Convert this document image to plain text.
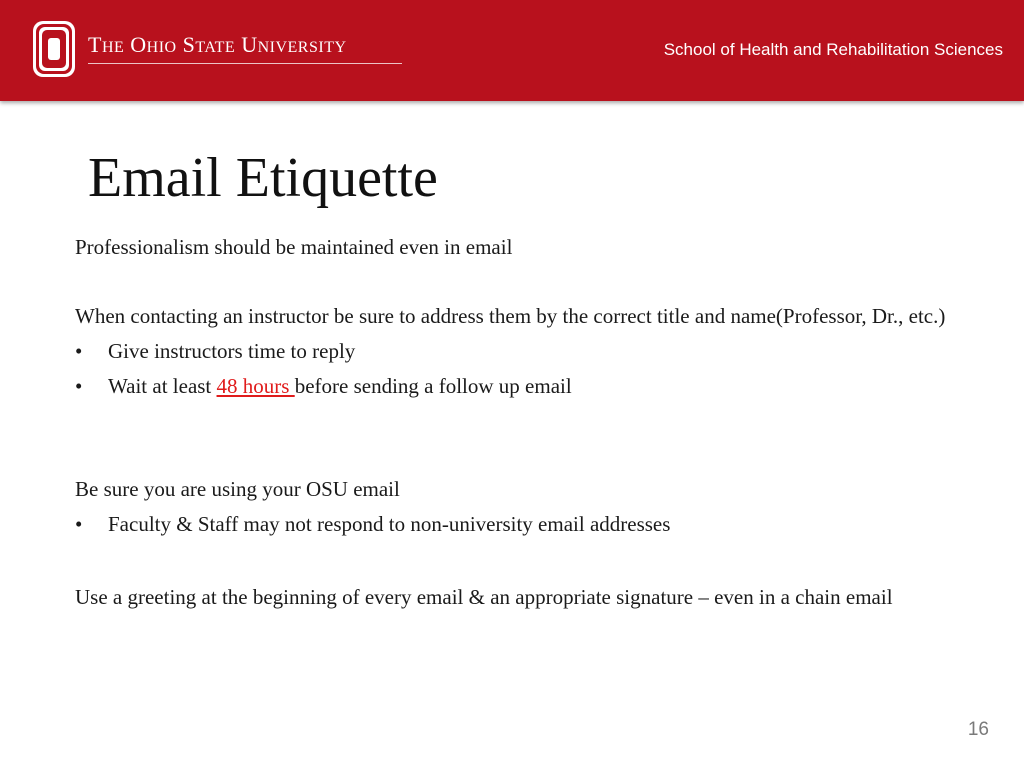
THE OHIO STATE UNIVERSITY	School of Health and Rehabilitation Sciences
Email Etiquette

Professionalism should be maintained even in email

When contacting an instructor be sure to address them by the correct title and name(Professor, Dr., etc.)

• Give instructors time to reply

• Wait at least 48 hours before sending a follow up email

Be sure you are using your OSU email

• Faculty & Staff may not respond to non-university email addresses

Use a greeting at the beginning of every email & an appropriate signature – even in a chain email

16
